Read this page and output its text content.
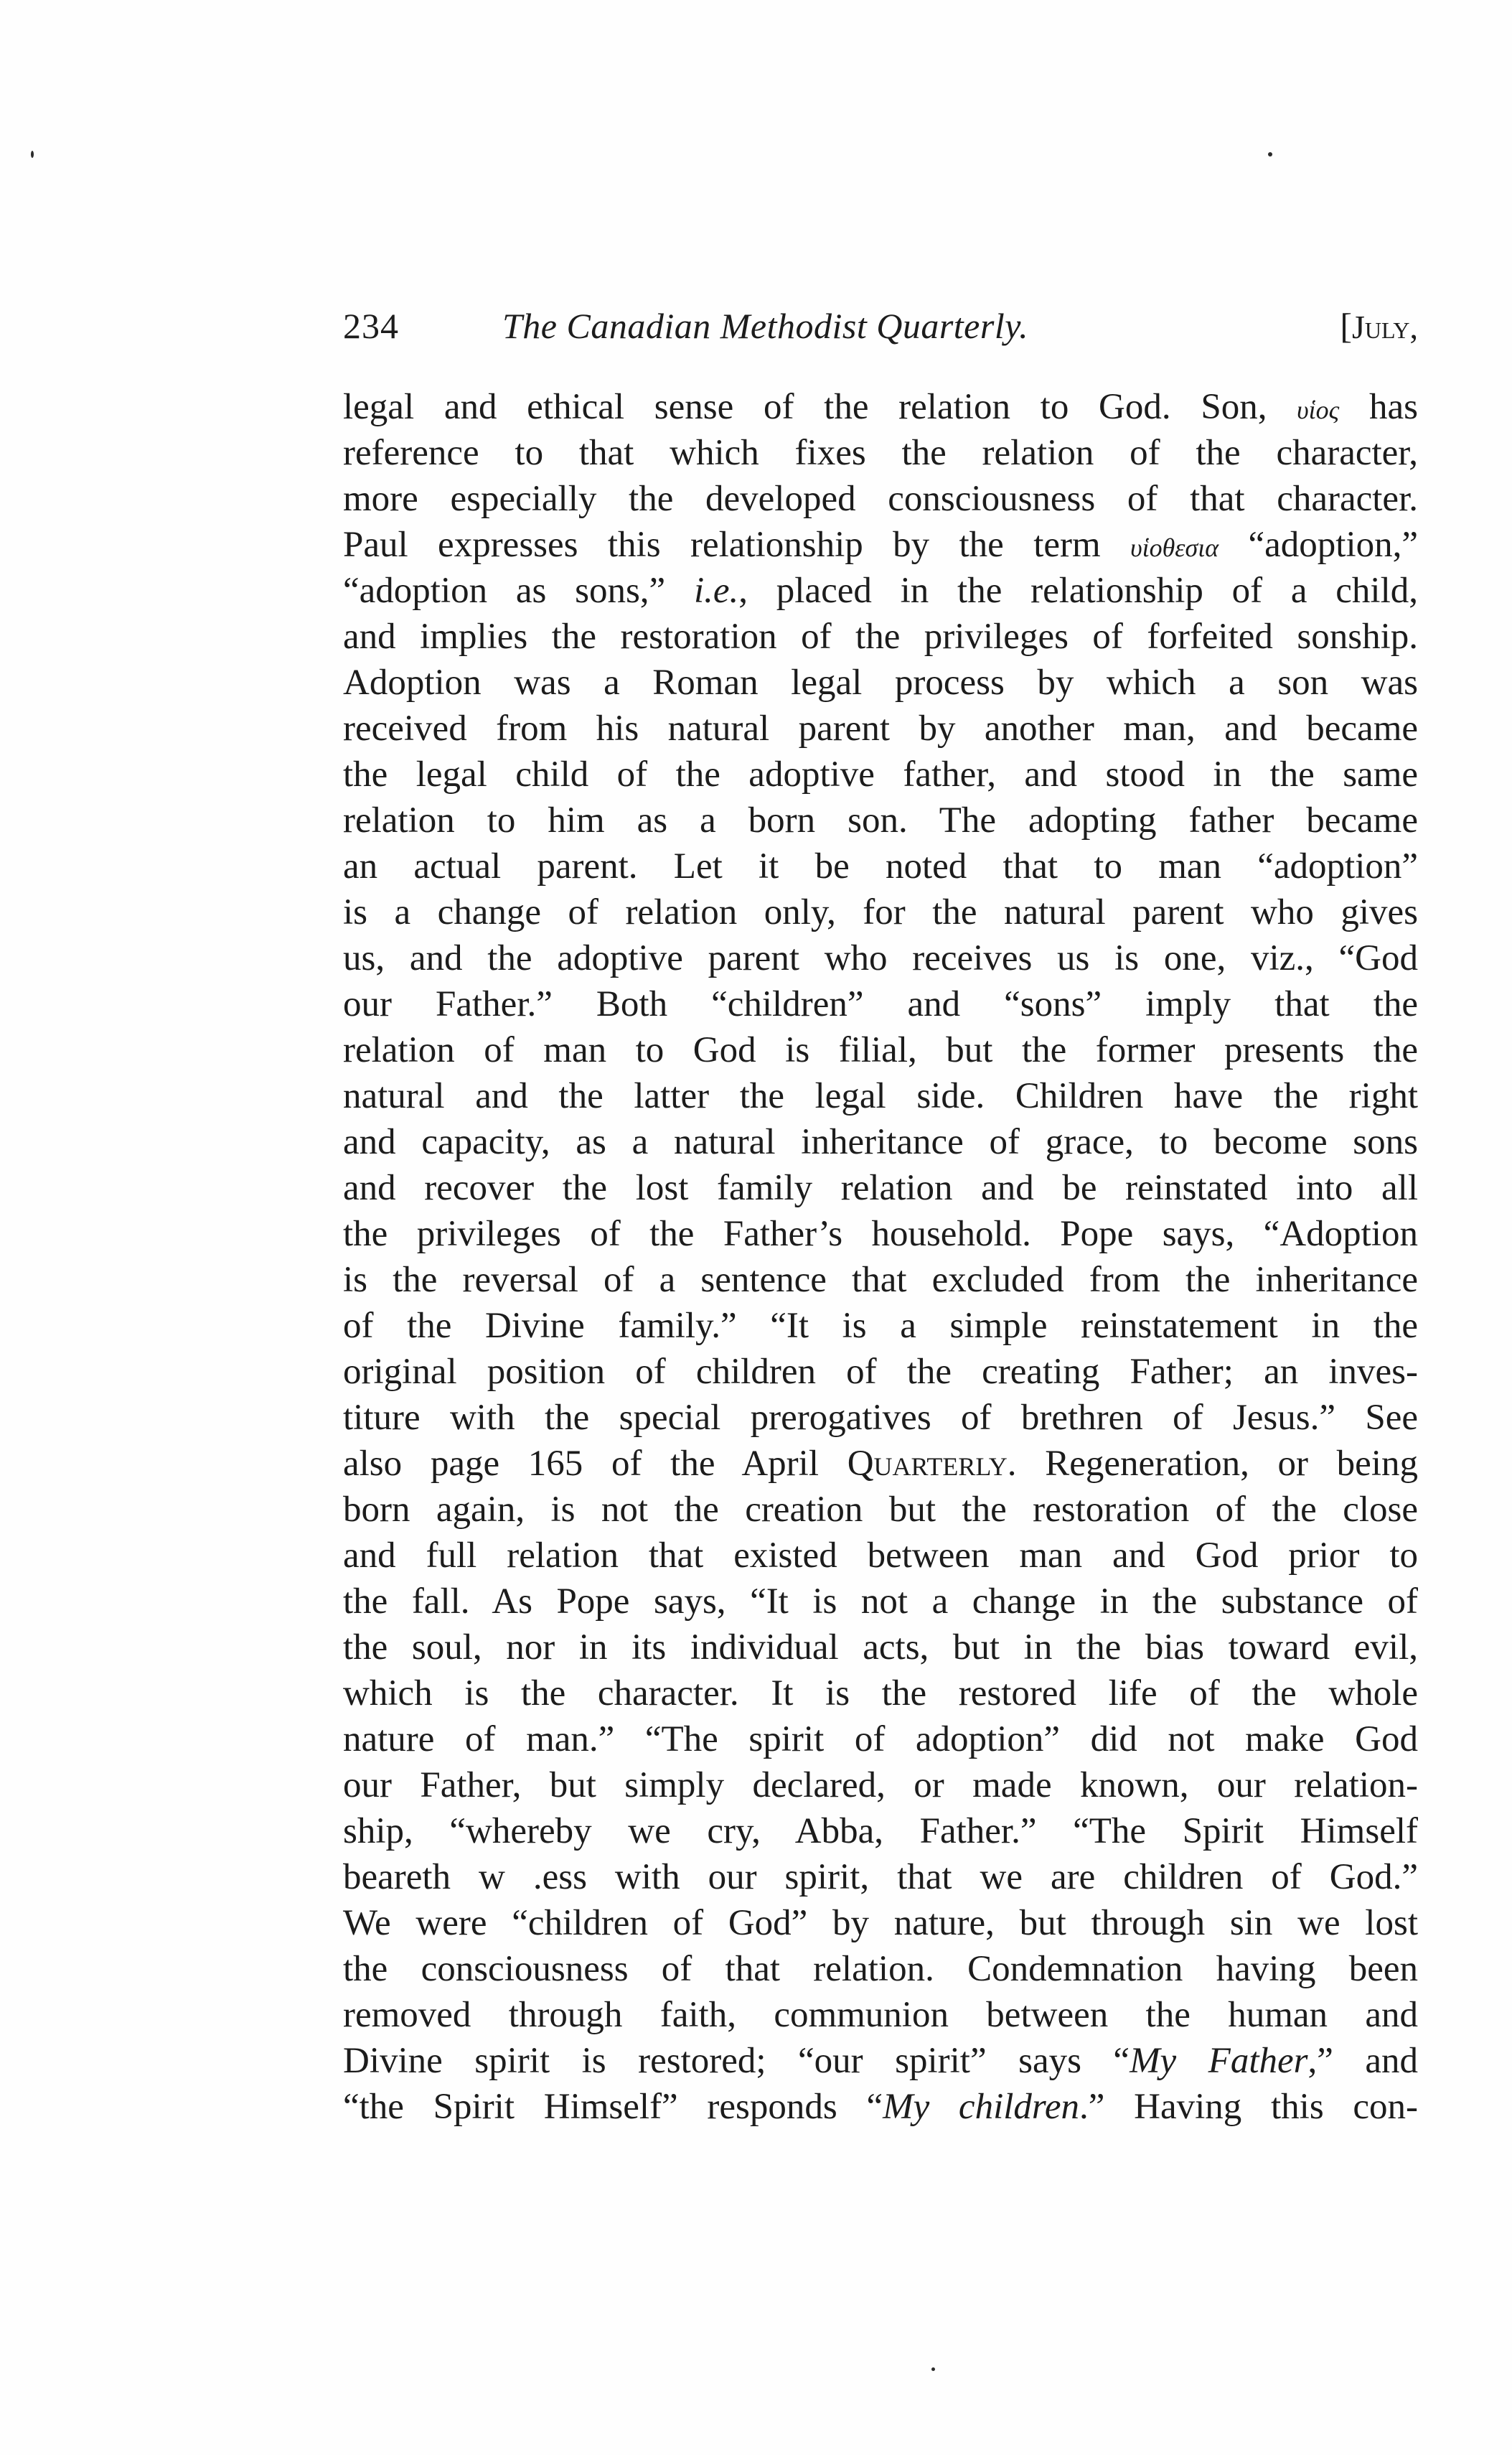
234	The Canadian Methodist Quarterly.	[July,
legal and ethical sense of the relation to God. Son, υἱος has
reference to that which fixes the relation of the character,
more especially the developed consciousness of that character.
Paul expresses this relationship by the term υἱοθεσια “adoption,”
“adoption as sons,” i.e., placed in the relationship of a child,
and implies the restoration of the privileges of forfeited sonship.
Adoption was a Roman legal process by which a son was
received from his natural parent by another man, and became
the legal child of the adoptive father, and stood in the same
relation to him as a born son. The adopting father became
an actual parent. Let it be noted that to man “adoption”
is a change of relation only, for the natural parent who gives
us, and the adoptive parent who receives us is one, viz., “God
our Father.” Both “children” and “sons” imply that the
relation of man to God is filial, but the former presents the
natural and the latter the legal side. Children have the right
and capacity, as a natural inheritance of grace, to become sons
and recover the lost family relation and be reinstated into all
the privileges of the Father’s household. Pope says, “Adoption
is the reversal of a sentence that excluded from the inheritance
of the Divine family.” “It is a simple reinstatement in the
original position of children of the creating Father; an inves-
titure with the special prerogatives of brethren of Jesus.” See
also page 165 of the April Quarterly. Regeneration, or being
born again, is not the creation but the restoration of the close
and full relation that existed between man and God prior to
the fall. As Pope says, “It is not a change in the substance of
the soul, nor in its individual acts, but in the bias toward evil,
which is the character. It is the restored life of the whole
nature of man.” “The spirit of adoption” did not make God
our Father, but simply declared, or made known, our relation-
ship, “whereby we cry, Abba, Father.” “The Spirit Himself
beareth w .ess with our spirit, that we are children of God.”
We were “children of God” by nature, but through sin we lost
the consciousness of that relation. Condemnation having been
removed through faith, communion between the human and
Divine spirit is restored; “our spirit” says “My Father,” and
“the Spirit Himself” responds “My children.” Having this con-
